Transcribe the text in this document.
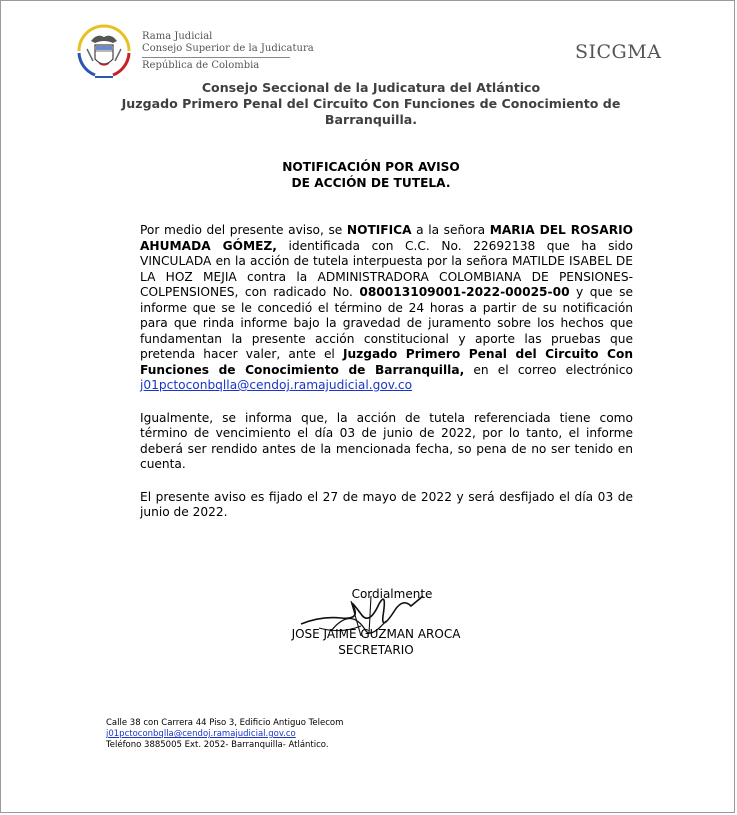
Rama Judicial
Consejo Superior de la Judicatura
República de Colombia
SICGMA
Consejo Seccional de la Judicatura del Atlántico
Juzgado Primero Penal del Circuito Con Funciones de Conocimiento de Barranquilla.
NOTIFICACIÓN POR AVISO
DE ACCIÓN DE TUTELA.

Por medio del presente aviso, se NOTIFICA a la señora MARIA DEL ROSARIO AHUMADA GÓMEZ, identificada con C.C. No. 22692138 que ha sido VINCULADA en la acción de tutela interpuesta por la señora MATILDE ISABEL DE LA HOZ MEJIA contra la ADMINISTRADORA COLOMBIANA DE PENSIONES- COLPENSIONES, con radicado No. 080013109001-2022-00025-00 y que se informe que se le concedió el término de 24 horas a partir de su notificación para que rinda informe bajo la gravedad de juramento sobre los hechos que fundamentan la presente acción constitucional y aporte las pruebas que pretenda hacer valer, ante el Juzgado Primero Penal del Circuito Con Funciones de Conocimiento de Barranquilla, en el correo electrónico j01pctoconbqlla@cendoj.ramajudicial.gov.co

Igualmente, se informa que, la acción de tutela referenciada tiene como término de vencimiento el día 03 de junio de 2022, por lo tanto, el informe deberá ser rendido antes de la mencionada fecha, so pena de no ser tenido en cuenta.

El presente aviso es fijado el 27 de mayo de 2022 y será desfijado el día 03 de junio de 2022.

Cordialmente
JOSE JAIME GUZMAN AROCA
SECRETARIO
Calle 38 con Carrera 44 Piso 3, Edificio Antiguo Telecom
j01pctoconbqlla@cendoj.ramajudicial.gov.co
Teléfono 3885005 Ext. 2052- Barranquilla- Atlántico.
